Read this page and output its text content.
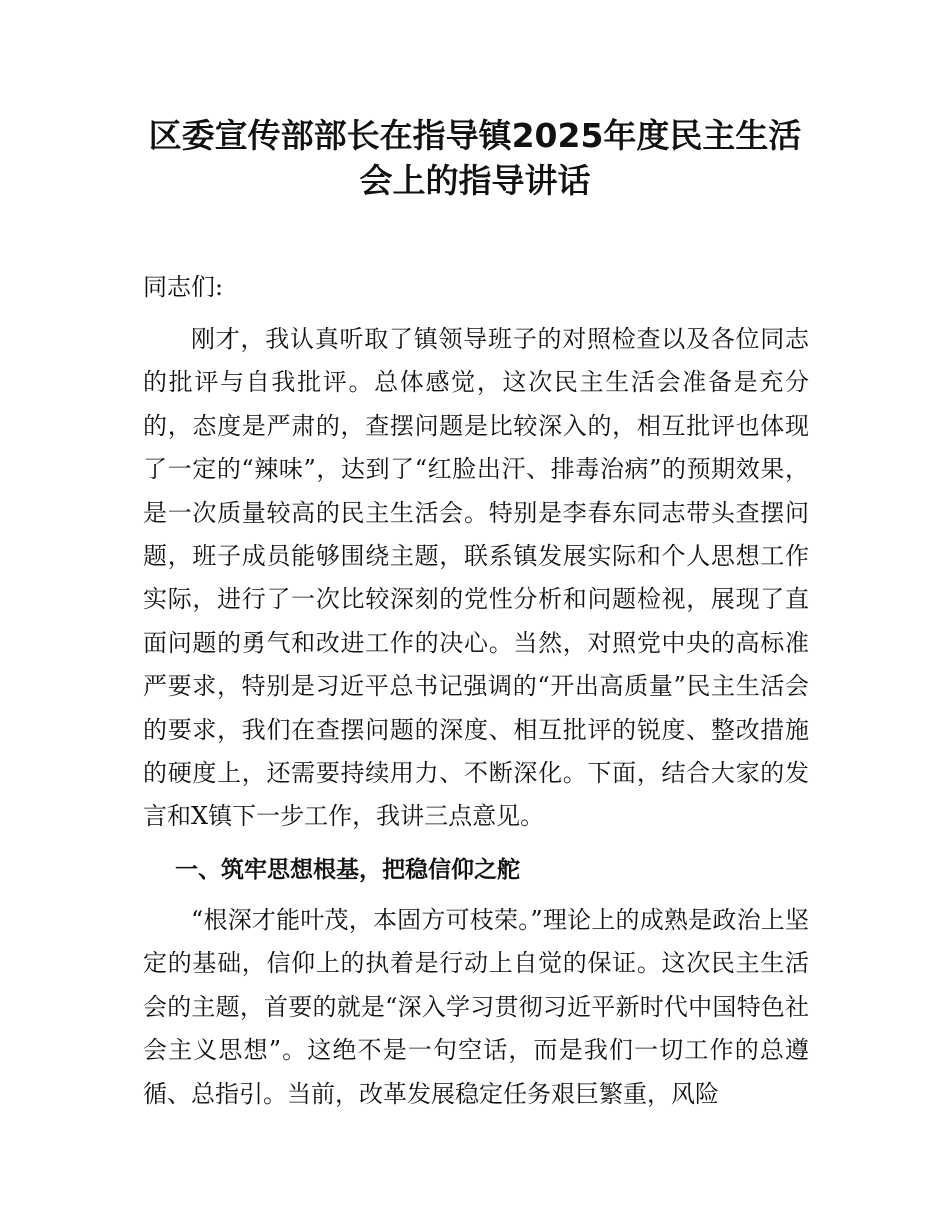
区委宣传部部长在指导镇2025年度民主生活
会上的指导讲话

同志们:

刚才，我认真听取了镇领导班子的对照检查以及各位同志的批评与自我批评。总体感觉，这次民主生活会准备是充分的，态度是严肃的，查摆问题是比较深入的，相互批评也体现了一定的“辣味”，达到了“红脸出汗、排毒治病”的预期效果，是一次质量较高的民主生活会。特别是李春东同志带头查摆问题，班子成员能够围绕主题，联系镇发展实际和个人思想工作实际，进行了一次比较深刻的党性分析和问题检视，展现了直面问题的勇气和改进工作的决心。当然，对照党中央的高标准严要求，特别是习近平总书记强调的“开出高质量”民主生活会的要求，我们在查摆问题的深度、相互批评的锐度、整改措施的硬度上，还需要持续用力、不断深化。下面，结合大家的发言和X镇下一步工作，我讲三点意见。

一、筑牢思想根基，把稳信仰之舵

“根深才能叶茂，本固方可枝荣。”理论上的成熟是政治上坚定的基础，信仰上的执着是行动上自觉的保证。这次民主生活会的主题，首要的就是“深入学习贯彻习近平新时代中国特色社会主义思想”。这绝不是一句空话，而是我们一切工作的总遵循、总指引。当前，改革发展稳定任务艰巨繁重，风险
